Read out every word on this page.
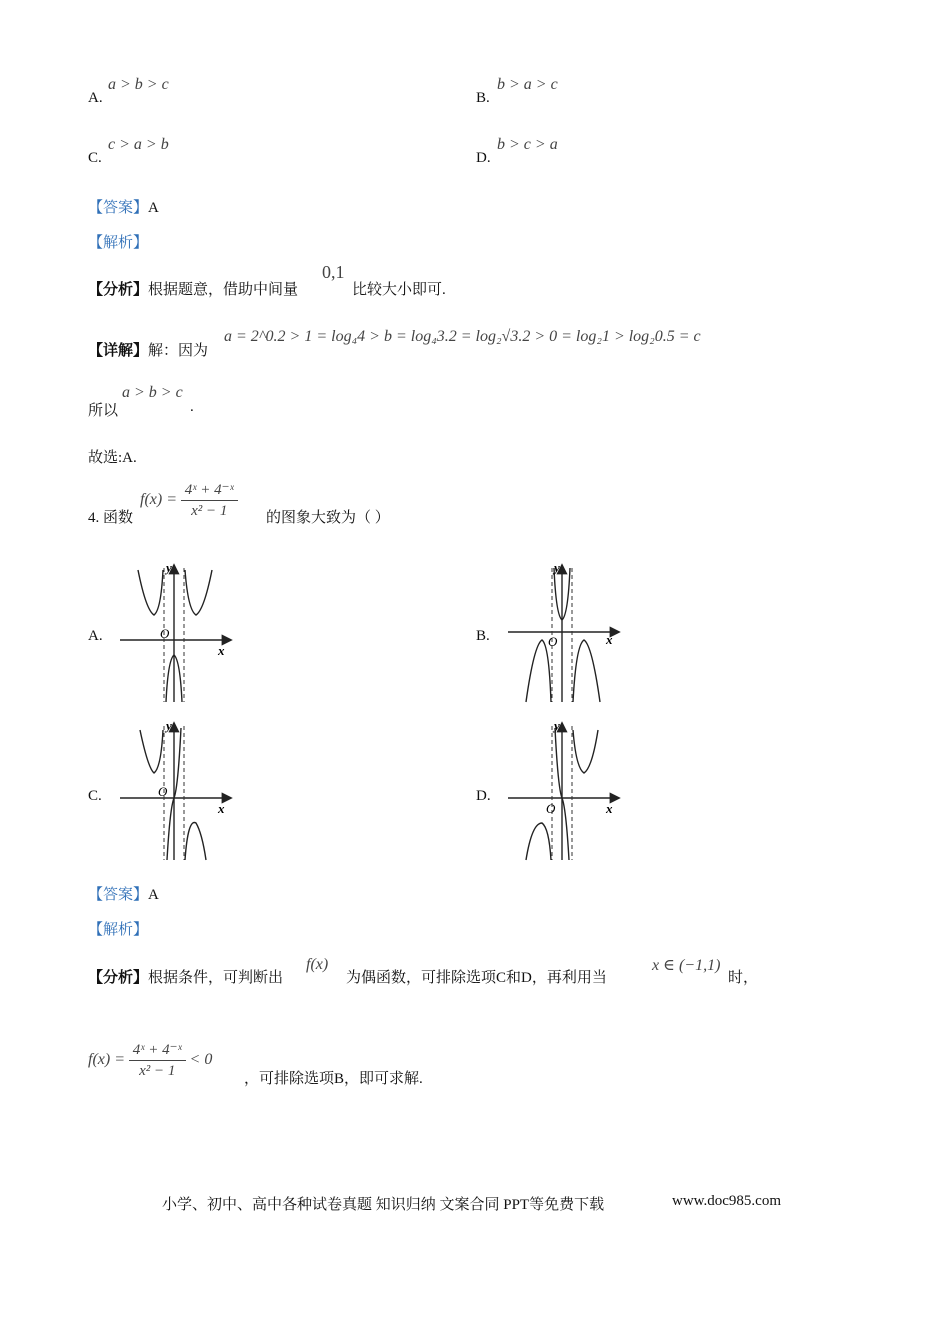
A.
a > b > c
B.
b > a > c
C.
c > a > b
D.
b > c > a
【答案】A
【解析】
【分析】根据题意，借助中间量
0,1
比较大小即可.
【详解】解：因为
a = 2^0.2 > 1 = log₄4 > b = log₄3.2 = log₂√3.2 > 0 = log₂1 > log₂0.5 = c
所以
a > b > c
.
故选:A.
4. 函数
$f(x) = \frac{\text{4ˣ + 4⁻ˣ}}{\text{x² − 1}}$ 的图象大致为（ ）
A.	B.
C.	D.
y
x
O
y
x
O
y
x
O
y
x
O
【答案】A
【解析】
【分析】根据条件，可判断出
f(x)
为偶函数，可排除选项C和D，再利用当
x ∈ (−1,1)
时，
$f(x) = \frac{\text{4ˣ + 4⁻ˣ}}{\text{x² − 1}} < 0$
，可排除选项B，即可求解.
小学、初中、高中各种试卷真题 知识归纳 文案合同 PPT等免费下载	www.doc985.com
